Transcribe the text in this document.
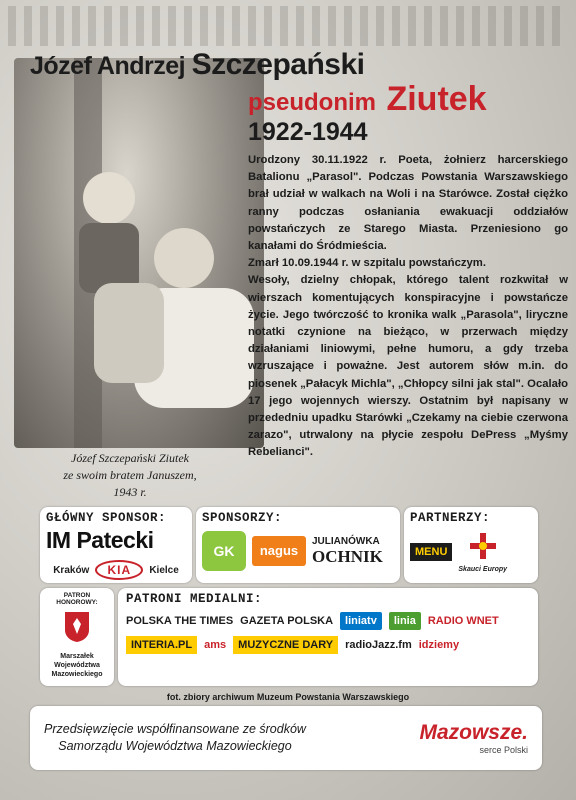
Józef Andrzej Szczepański
pseudonim Ziutek
1922-1944

Urodzony 30.11.1922 r. Poeta, żołnierz harcerskiego Batalionu „Parasol". Podczas Powstania Warszawskiego brał udział w walkach na Woli i na Starówce. Został ciężko ranny podczas osłaniania ewakuacji oddziałów powstańczych ze Starego Miasta. Przeniesiono go kanałami do Śródmieścia.

Zmarł 10.09.1944 r. w szpitalu powstańczym.

Wesoły, dzielny chłopak, którego talent rozkwitał w wierszach komentujących konspiracyjne i powstańcze życie. Jego twórczość to kronika walk „Parasola", liryczne notatki czynione na bieżąco, w przerwach między działaniami liniowymi, pełne humoru, a gdy trzeba wzruszające i poważne. Jest autorem słów m.in. do piosenek „Pałacyk Michla", „Chłopcy silni jak stal". Ocalało 17 jego wojennych wierszy. Ostatnim był napisany w przededniu upadku Starówki „Czekamy na ciebie czerwona zarazo", utrwalony na płycie zespołu DePress „Myśmy Rebelianci".

Józef Szczepański Ziutek
ze swoim bratem Januszem,
1943 r.
GŁÓWNY SPONSOR:
IM Patecki
Kraków	KIA	Kielce
SPONSORZY:
GK	nagus
JULIANÓWKA
OCHNIK
PARTNERZY:
MENU
Skauci Europy
PATRON HONOROWY:
Marszałek
Województwa
Mazowieckiego
PATRONI MEDIALNI:
POLSKA THE TIMES GAZETA POLSKA	liniatv	linia	RADIO WNET
INTERIA.PL	ams	MUZYCZNE DARY	radioJazz.fm idziemy
fot. zbiory archiwum Muzeum Powstania Warszawskiego
Przedsięwzięcie współfinansowane ze środków
Samorządu Województwa Mazowieckiego
Mazowsze.
serce Polski
